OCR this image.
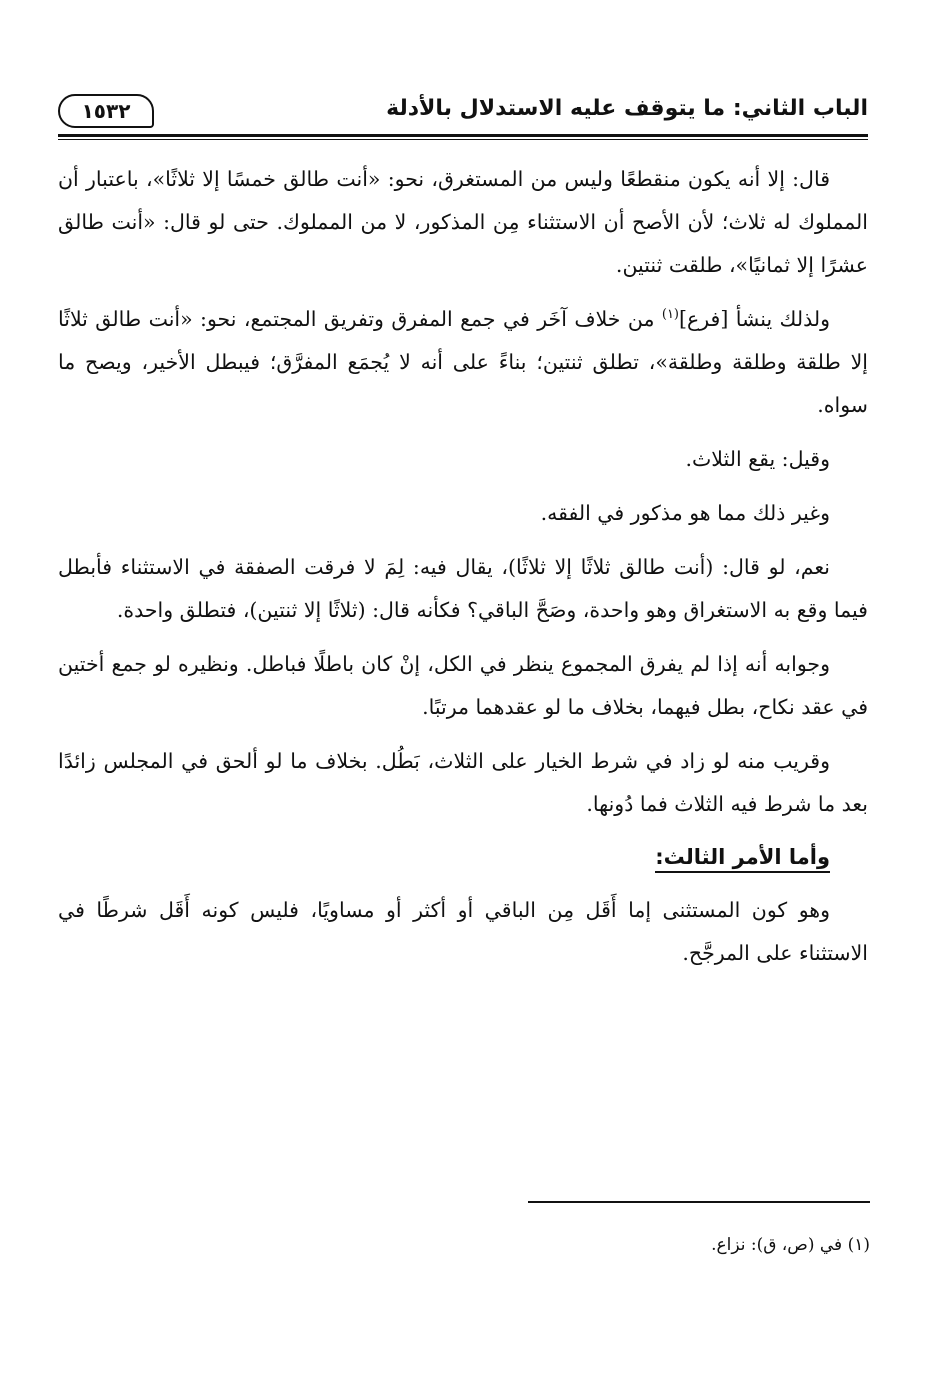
الباب الثاني: ما يتوقف عليه الاستدلال بالأدلة
١٥٣٢

قال: إلا أنه يكون منقطعًا وليس من المستغرق، نحو: «أنت طالق خمسًا إلا ثلاثًا»، باعتبار أن المملوك له ثلاث؛ لأن الأصح أن الاستثناء مِن المذكور، لا من المملوك. حتى لو قال: «أنت طالق عشرًا إلا ثمانيًا»، طلقت ثنتين.

ولذلك ينشأ [فرع]$^{(١)}$ من خلاف آخَر في جمع المفرق وتفريق المجتمع، نحو: «أنت طالق ثلاثًا إلا طلقة وطلقة وطلقة»، تطلق ثنتين؛ بناءً على أنه لا يُجمَع المفرَّق؛ فيبطل الأخير، ويصح ما سواه.

وقيل: يقع الثلاث.

وغير ذلك مما هو مذكور في الفقه.

نعم، لو قال: (أنت طالق ثلاثًا إلا ثلاثًا)، يقال فيه: لِمَ لا فرقت الصفقة في الاستثناء فأبطل فيما وقع به الاستغراق وهو واحدة، وصَحَّ الباقي؟ فكأنه قال: (ثلاثًا إلا ثنتين)، فتطلق واحدة.

وجوابه أنه إذا لم يفرق المجموع ينظر في الكل، إنْ كان باطلًا فباطل. ونظيره لو جمع أختين في عقد نكاح، بطل فيهما، بخلاف ما لو عقدهما مرتبًا.

وقريب منه لو زاد في شرط الخيار على الثلاث، بَطُل. بخلاف ما لو ألحق في المجلس زائدًا بعد ما شرط فيه الثلاث فما دُونها.

وأما الأمر الثالث:

وهو كون المستثنى إما أَقَل مِن الباقي أو أكثر أو مساويًا، فليس كونه أَقَل شرطًا في الاستثناء على المرجَّح.

(١) في (ص، ق): نزاع.
